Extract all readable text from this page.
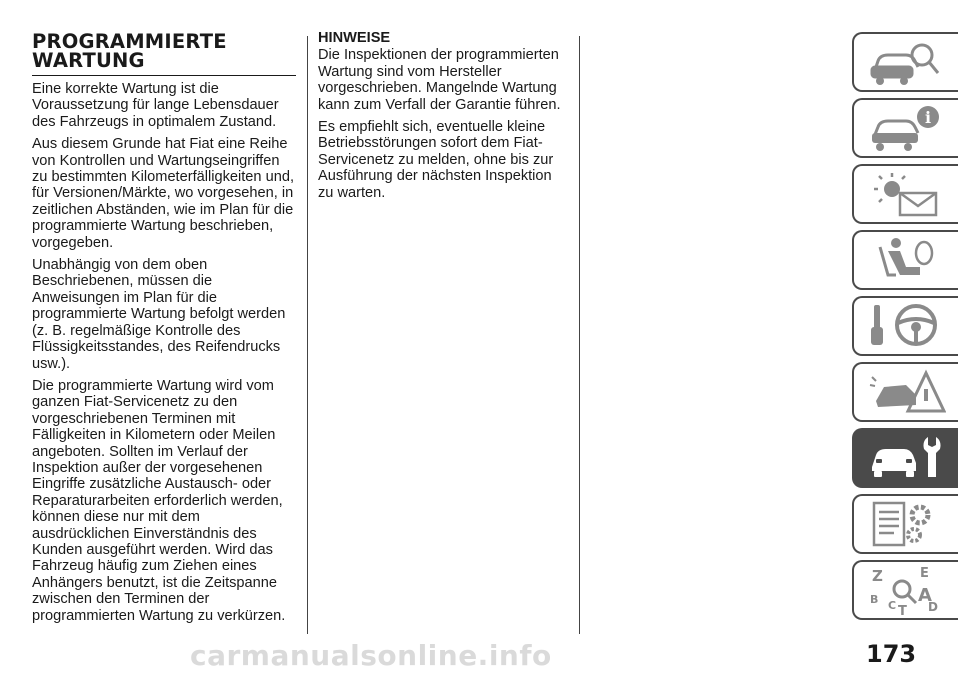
PROGRAMMIERTE
WARTUNG

Eine korrekte Wartung ist die Voraussetzung für lange Lebensdauer des Fahrzeugs in optimalem Zustand.

Aus diesem Grunde hat Fiat eine Reihe von Kontrollen und Wartungseingriffen zu bestimmten Kilometerfälligkeiten und, für Versionen/Märkte, wo vorgesehen, in zeitlichen Abständen, wie im Plan für die programmierte Wartung beschrieben, vorgegeben.

Unabhängig von dem oben Beschriebenen, müssen die Anweisungen im Plan für die programmierte Wartung befolgt werden (z. B. regelmäßige Kontrolle des Flüssigkeitsstandes, des Reifendrucks usw.).

Die programmierte Wartung wird vom ganzen Fiat-Servicenetz zu den vorgeschriebenen Terminen mit Fälligkeiten in Kilometern oder Meilen angeboten. Sollten im Verlauf der Inspektion außer der vorgesehenen Eingriffe zusätzliche Austausch- oder Reparaturarbeiten erforderlich werden, können diese nur mit dem ausdrücklichen Einverständnis des Kunden ausgeführt werden. Wird das Fahrzeug häufig zum Ziehen eines Anhängers benutzt, ist die Zeitspanne zwischen den Terminen der programmierten Wartung zu verkürzen.

HINWEISE

Die Inspektionen der programmierten Wartung sind vom Hersteller vorgeschrieben. Mangelnde Wartung kann zum Verfall der Garantie führen.

Es empfiehlt sich, eventuelle kleine Betriebsstörungen sofort dem Fiat-Servicenetz zu melden, ohne bis zur Ausführung der nächsten Inspektion zu warten.

i
Z	E
B A
C	D
T
173
carmanualsonline.info
